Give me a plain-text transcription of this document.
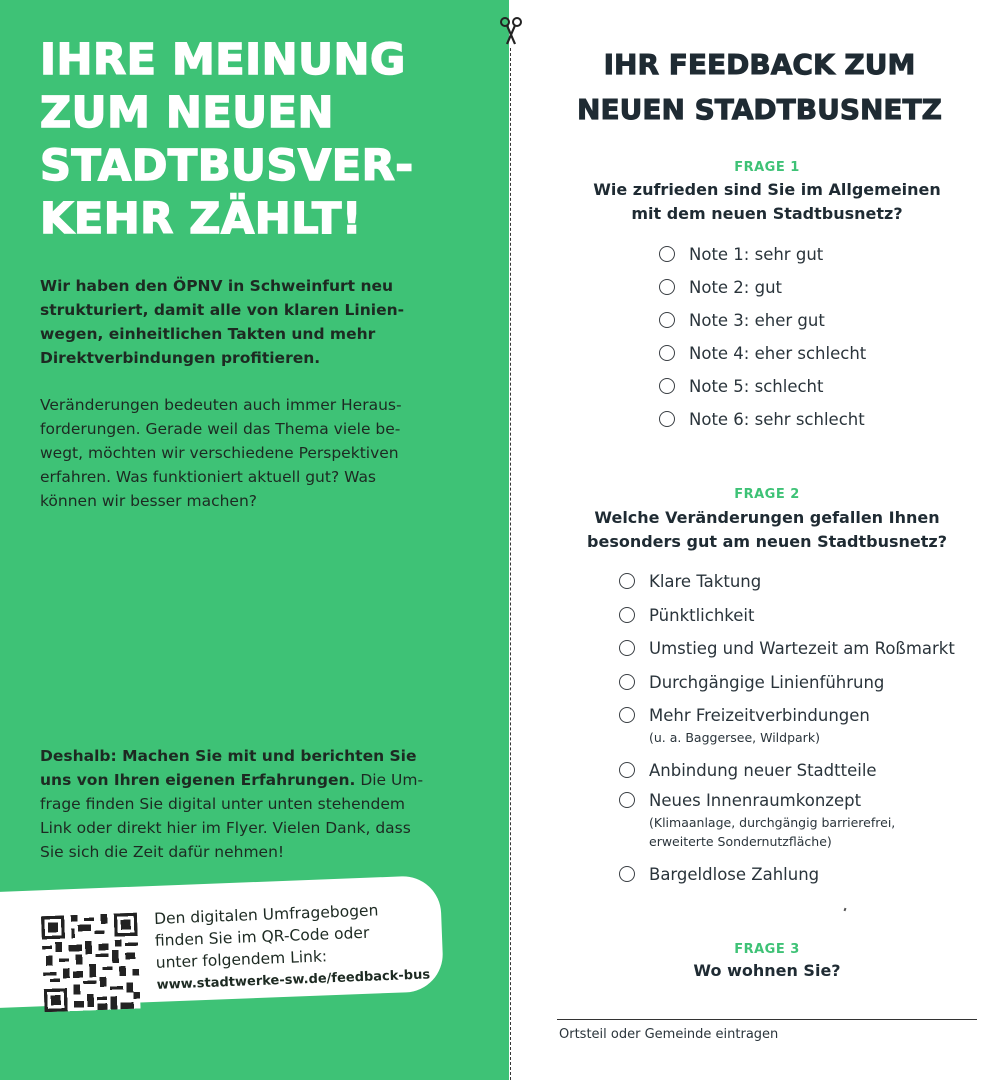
IHRE MEINUNG
ZUM NEUEN
STADTBUSVER-
KEHR ZÄHLT!

Wir haben den ÖPNV in Schweinfurt neu
strukturiert, damit alle von klaren Linien-
wegen, einheitlichen Takten und mehr
Direktverbindungen profitieren.

Veränderungen bedeuten auch immer Heraus-
forderungen. Gerade weil das Thema viele be-
wegt, möchten wir verschiedene Perspektiven
erfahren. Was funktioniert aktuell gut? Was
können wir besser machen?

Deshalb: Machen Sie mit und berichten Sie
uns von Ihren eigenen Erfahrungen. Die Um-
frage finden Sie digital unter unten stehendem
Link oder direkt hier im Flyer. Vielen Dank, dass
Sie sich die Zeit dafür nehmen!

Den digitalen Umfragebogen
finden Sie im QR-Code oder
unter folgendem Link:

www.stadtwerke-sw.de/feedback-bus
IHR FEEDBACK ZUM
NEUEN STADTBUSNETZ
FRAGE 1

Wie zufrieden sind Sie im Allgemeinen
mit dem neuen Stadtbusnetz?

Note 1: sehr gut
Note 2: gut
Note 3: eher gut
Note 4: eher schlecht
Note 5: schlecht
Note 6: sehr schlecht
FRAGE 2

Welche Veränderungen gefallen Ihnen
besonders gut am neuen Stadtbusnetz?

Klare Taktung
Pünktlichkeit
Umstieg und Wartezeit am Roßmarkt
Durchgängige Linienführung
Mehr Freizeitverbindungen
(u. a. Baggersee, Wildpark)
Anbindung neuer Stadtteile
Neues Innenraumkonzept
(Klimaanlage, durchgängig barrierefrei,
erweiterte Sondernutzfläche)
Bargeldlose Zahlung
FRAGE 3

Wo wohnen Sie?

Ortsteil oder Gemeinde eintragen
